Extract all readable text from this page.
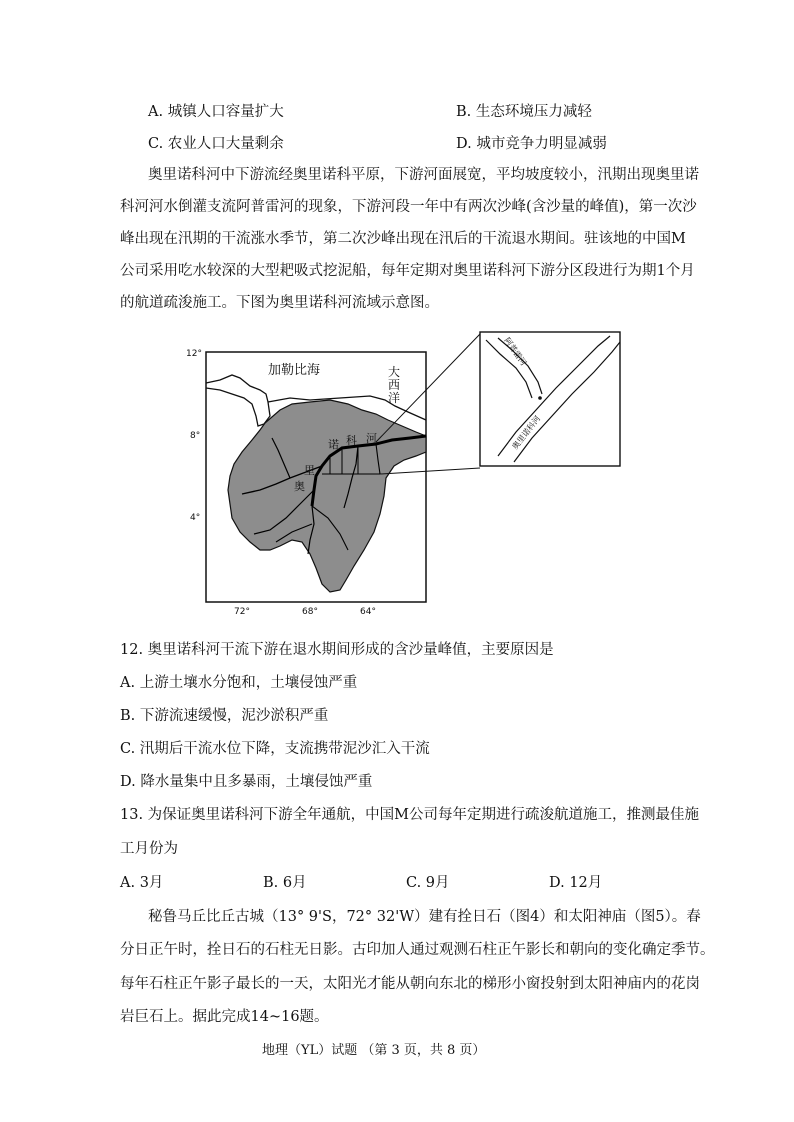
A. 城镇人口容量扩大	B. 生态环境压力减轻
C. 农业人口大量剩余	D. 城市竞争力明显减弱
奥里诺科河中下游流经奥里诺科平原，下游河面展宽，平均坡度较小，汛期出现奥里诺
科河河水倒灌支流阿普雷河的现象，下游河段一年中有两次沙峰(含沙量的峰值)，第一次沙
峰出现在汛期的干流涨水季节，第二次沙峰出现在汛后的干流退水期间。驻该地的中国M
公司采用吃水较深的大型耙吸式挖泥船，每年定期对奥里诺科河下游分区段进行为期1个月
的航道疏浚施工。下图为奥里诺科河流域示意图。
加勒比海	大
西
洋
奥
里
诺 科 河
12°
8°
4°
72°	68°	64°
阿普雷河
奥里诺科河
12. 奥里诺科河干流下游在退水期间形成的含沙量峰值，主要原因是
A. 上游土壤水分饱和，土壤侵蚀严重
B. 下游流速缓慢，泥沙淤积严重
C. 汛期后干流水位下降，支流携带泥沙汇入干流
D. 降水量集中且多暴雨，土壤侵蚀严重
13. 为保证奥里诺科河下游全年通航，中国M公司每年定期进行疏浚航道施工，推测最佳施
工月份为
A. 3月	B. 6月	C. 9月	D. 12月
秘鲁马丘比丘古城（13° 9'S，72° 32'W）建有拴日石（图4）和太阳神庙（图5）。春
分日正午时，拴日石的石柱无日影。古印加人通过观测石柱正午影长和朝向的变化确定季节。
每年石柱正午影子最长的一天，太阳光才能从朝向东北的梯形小窗投射到太阳神庙内的花岗
岩巨石上。据此完成14~16题。
地理（YL）试题 （第 3 页，共 8 页）
